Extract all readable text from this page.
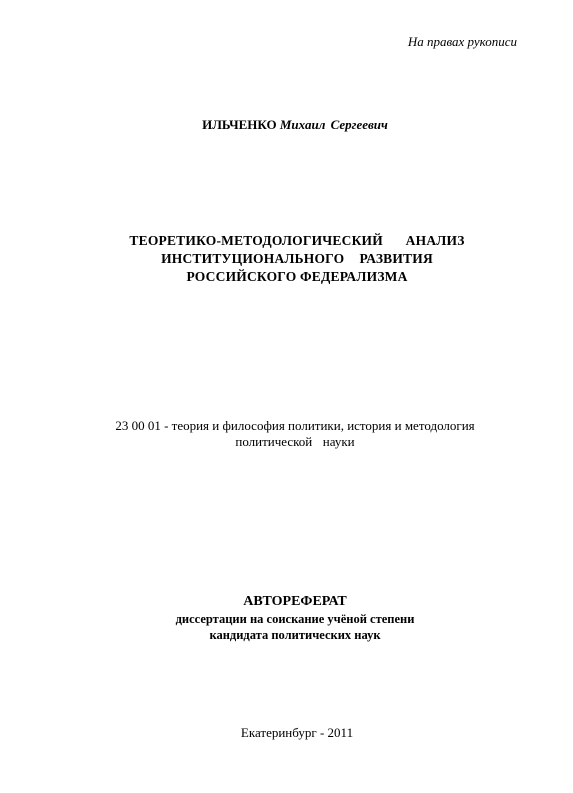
На правах рукописи
ИЛЬЧЕНКО Михаил Сергеевич
ТЕОРЕТИКО-МЕТОДОЛОГИЧЕСКИЙ   АНАЛИЗ
ИНСТИТУЦИОНАЛЬНОГО  РАЗВИТИЯ
РОССИЙСКОГО ФЕДЕРАЛИЗМА
23 00 01 - теория и философия политики, история и методология
политической  науки
АВТОРЕФЕРАТ
диссертации на соискание учёной степени
кандидата политических наук
Екатеринбург - 2011
